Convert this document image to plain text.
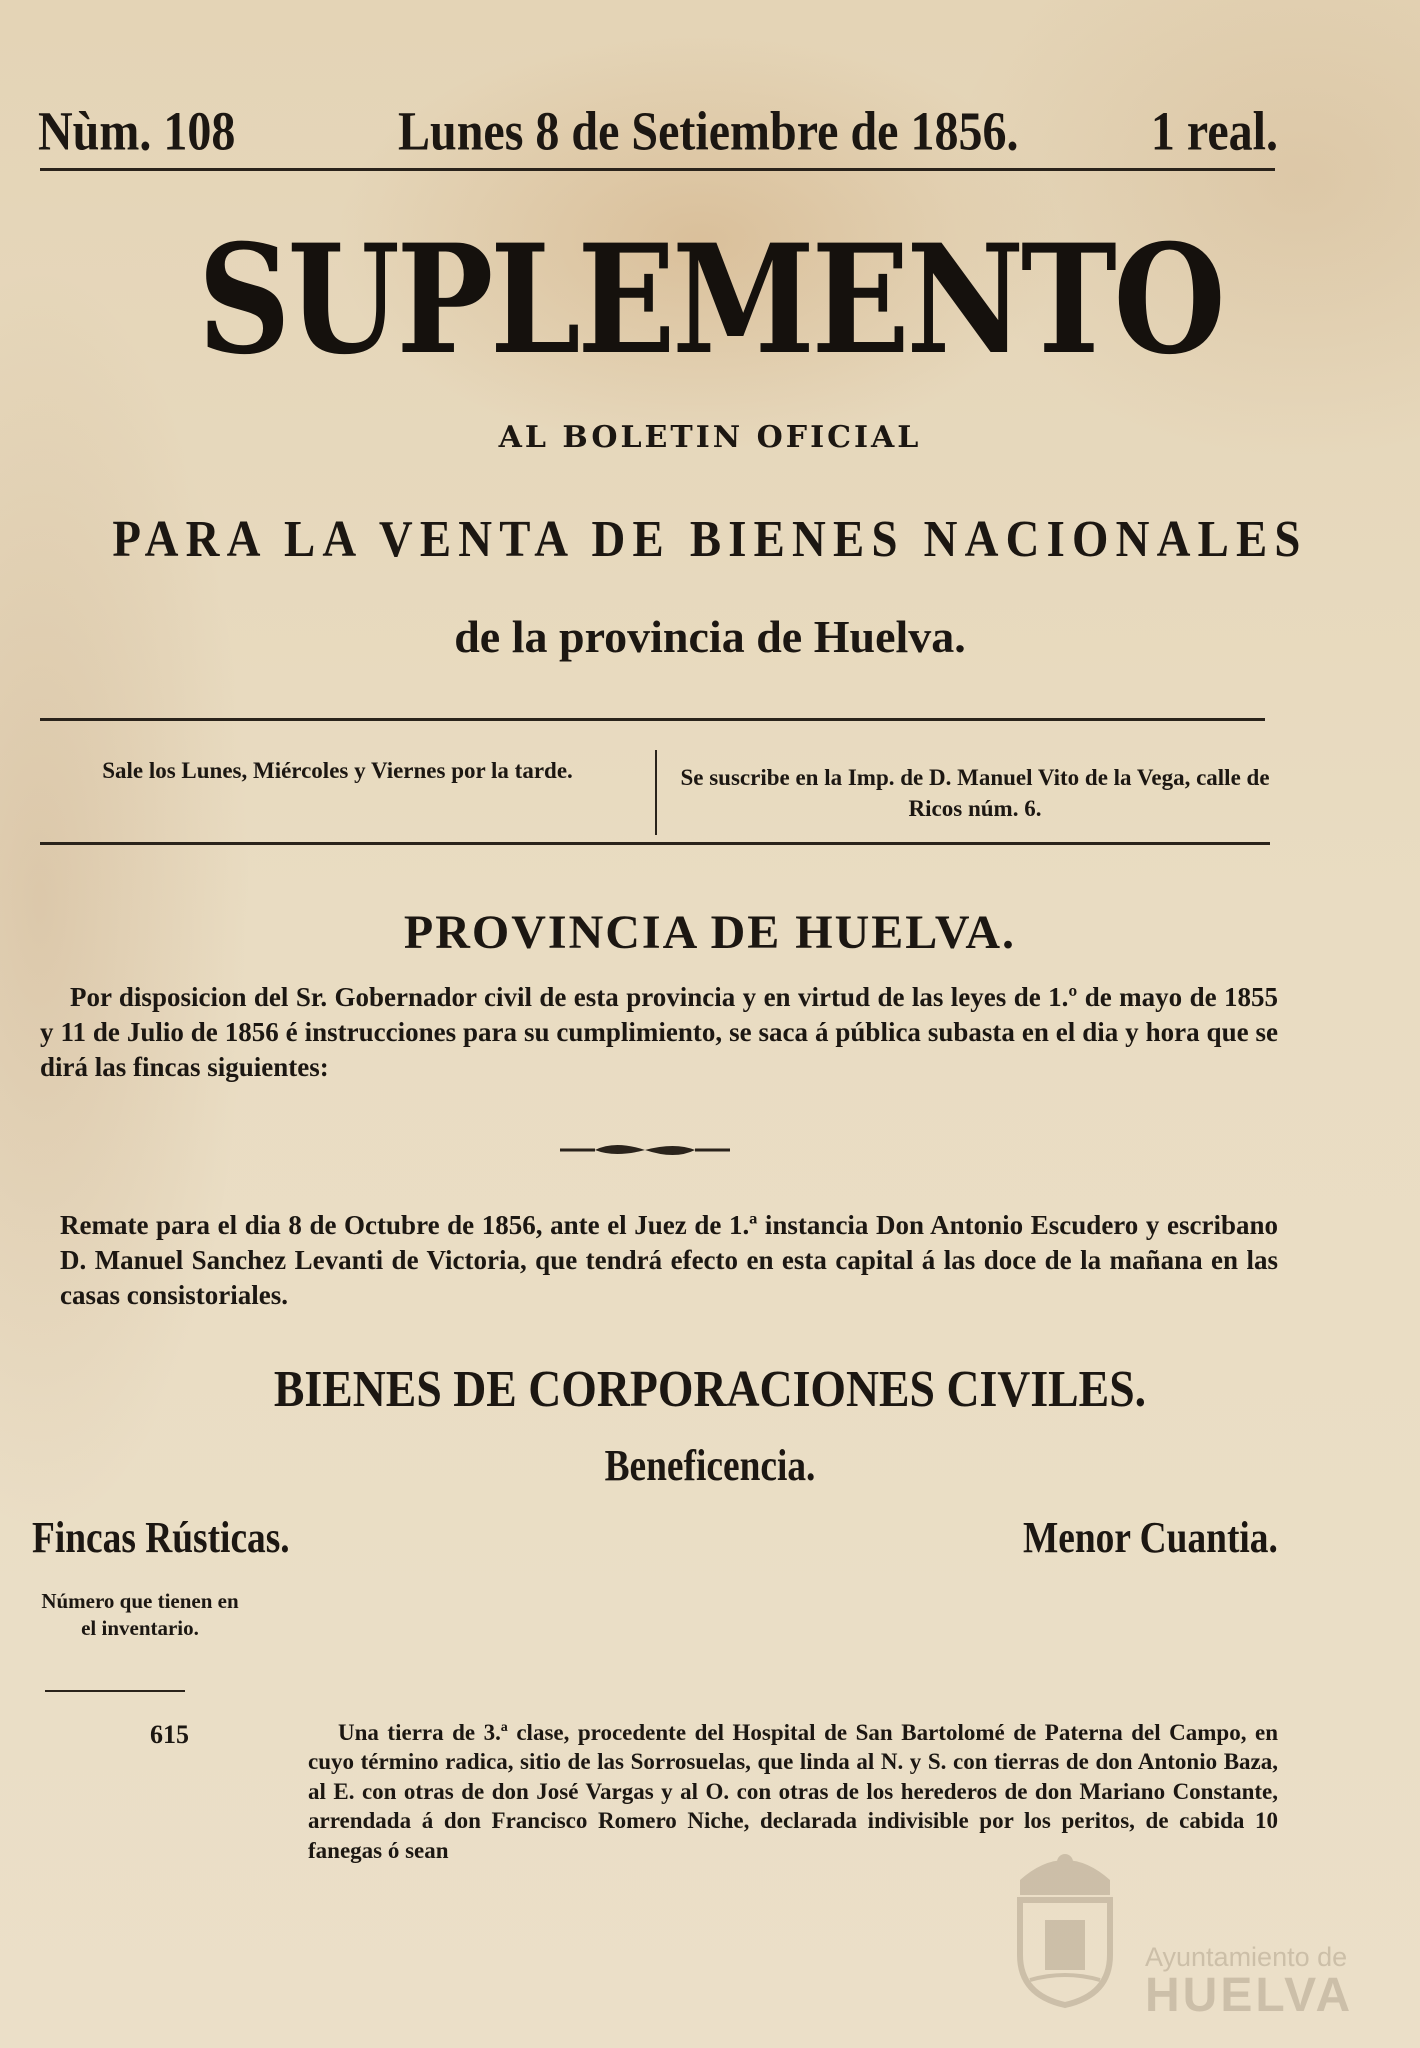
Nùm. 108	Lunes 8 de Setiembre de 1856.	1 real.
SUPLEMENTO
AL BOLETIN OFICIAL
PARA LA VENTA DE BIENES NACIONALES
de la provincia de Huelva.
Sale los Lunes, Miércoles y Viernes por la tarde.	Se suscribe en la Imp. de D. Manuel Vito de la Vega, calle de Ricos núm. 6.
PROVINCIA DE HUELVA.
Por disposicion del Sr. Gobernador civil de esta provincia y en virtud de las leyes de 1.º de mayo de 1855 y 11 de Julio de 1856 é instrucciones para su cumplimiento, se saca á pública subasta en el dia y hora que se dirá las fincas siguientes:
Remate para el dia 8 de Octubre de 1856, ante el Juez de 1.ª instancia Don Antonio Escudero y escribano D. Manuel Sanchez Levanti de Victoria, que tendrá efecto en esta capital á las doce de la mañana en las casas consistoriales.
BIENES DE CORPORACIONES CIVILES.
Beneficencia.
Fincas Rústicas.	Menor Cuantia.
Número que tienen en el inventario.
615	Una tierra de 3.ª clase, procedente del Hospital de San Bartolomé de Paterna del Campo, en cuyo término radica, sitio de las Sorrosuelas, que linda al N. y S. con tierras de don Antonio Baza, al E. con otras de don José Vargas y al O. con otras de los herederos de don Mariano Constante, arrendada á don Francisco Romero Niche, declarada indivisible por los peritos, de cabida 10 fanegas ó sean
Ayuntamiento de
HUELVA
